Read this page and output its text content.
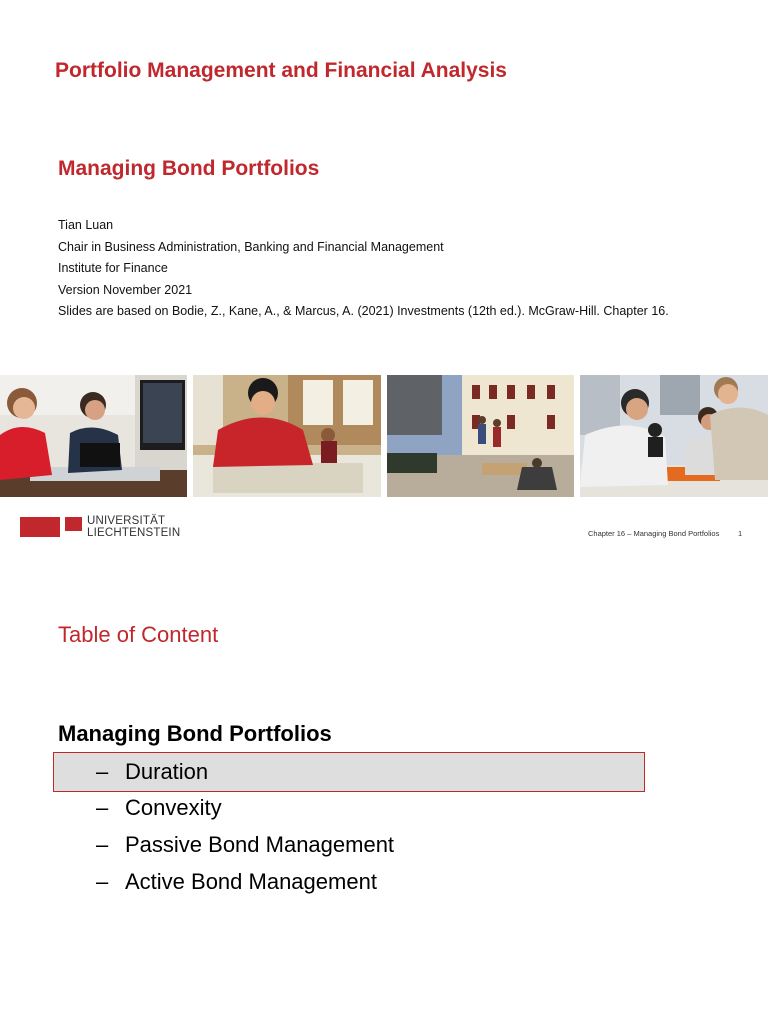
Portfolio Management and Financial Analysis
Managing Bond Portfolios
Tian Luan
Chair in Business Administration, Banking and Financial Management
Institute for Finance
Version November 2021
Slides are based on Bodie, Z., Kane, A., & Marcus, A. (2021) Investments (12th ed.). McGraw-Hill. Chapter 16.
UNIVERSITÄT
LIECHTENSTEIN	Chapter 16 – Managing Bond Portfolios 1
Table of Content
Managing Bond Portfolios
– Duration
– Convexity
– Passive Bond Management
– Active Bond Management
